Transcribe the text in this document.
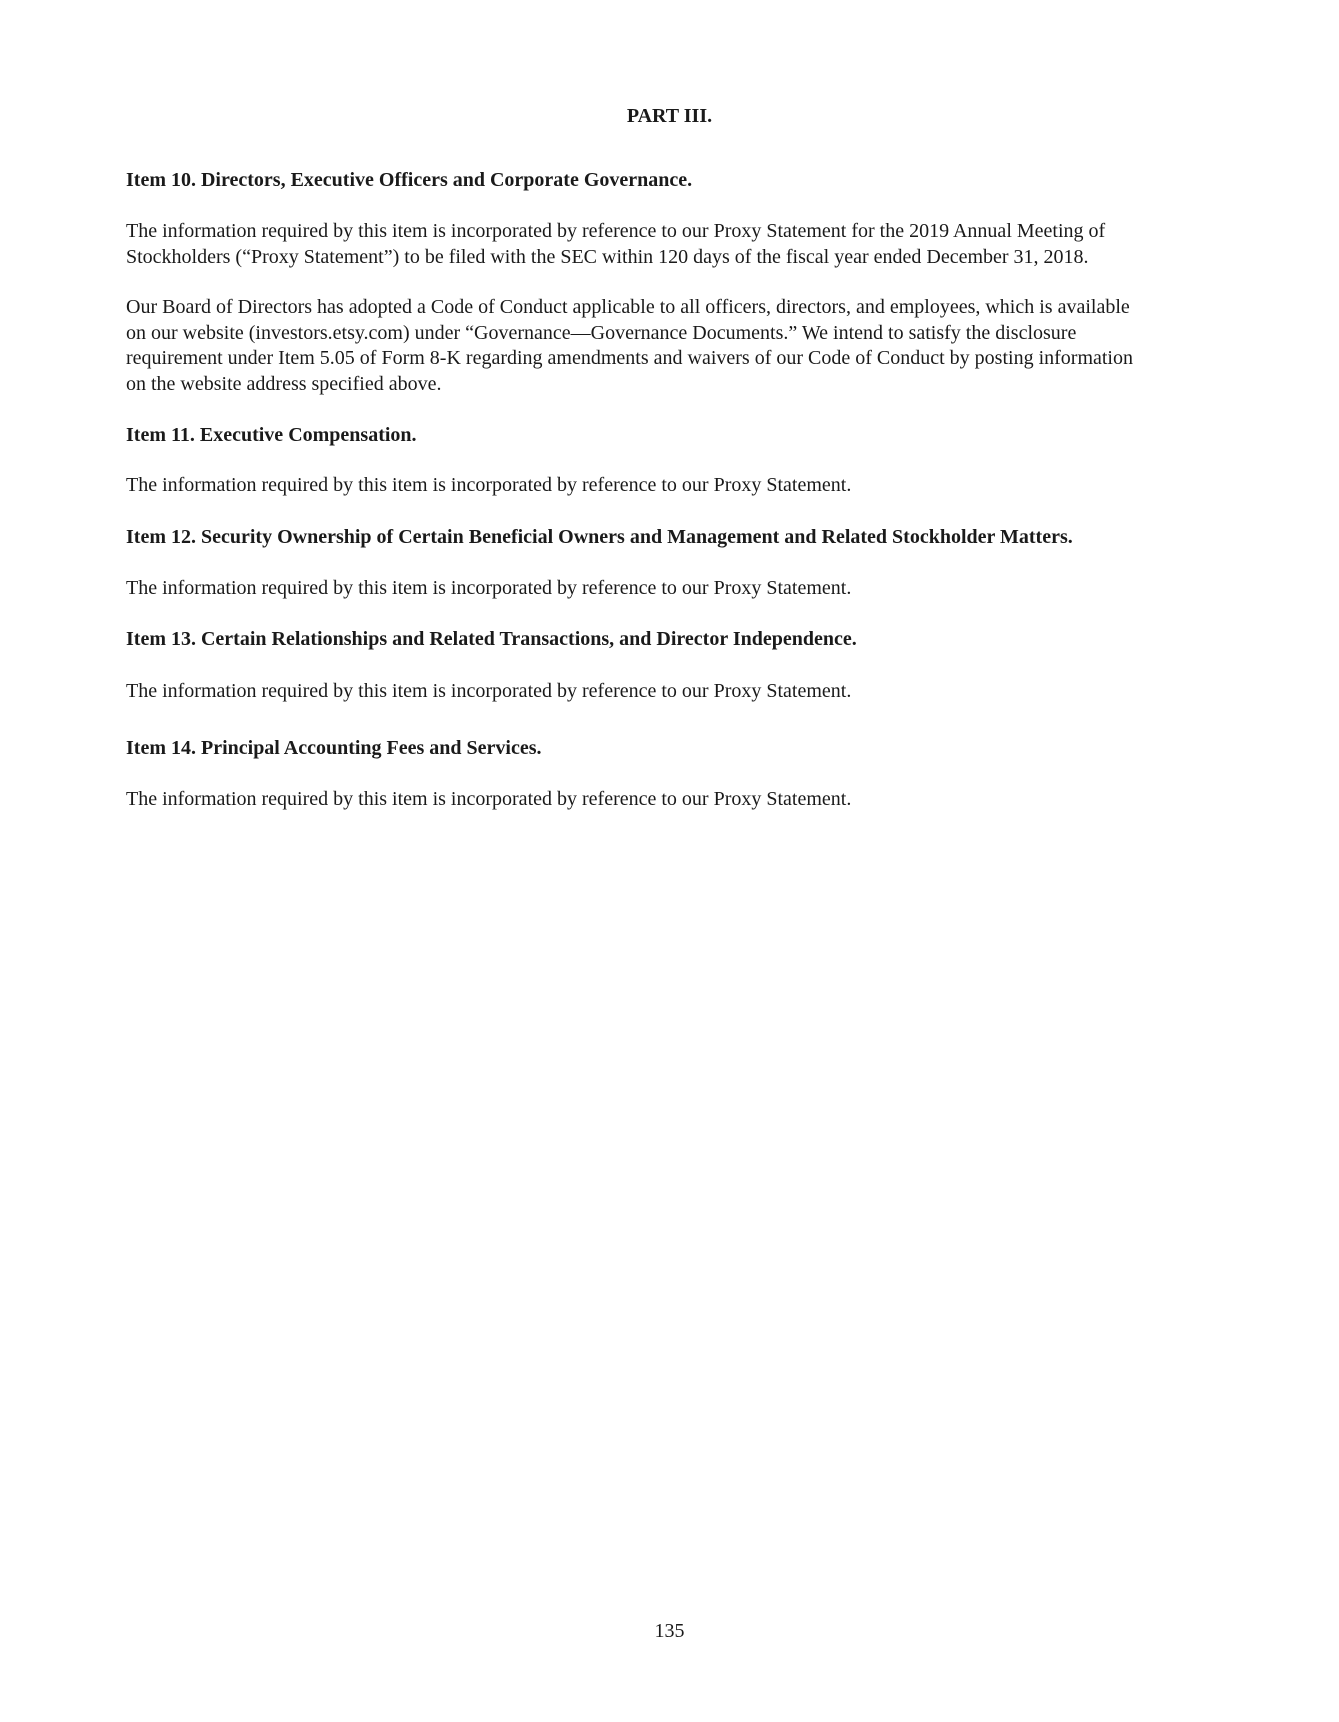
PART III.
Item 10. Directors, Executive Officers and Corporate Governance.
The information required by this item is incorporated by reference to our Proxy Statement for the 2019 Annual Meeting of
Stockholders (“Proxy Statement”) to be filed with the SEC within 120 days of the fiscal year ended December 31, 2018.
Our Board of Directors has adopted a Code of Conduct applicable to all officers, directors, and employees, which is available
on our website (investors.etsy.com) under “Governance—Governance Documents.” We intend to satisfy the disclosure
requirement under Item 5.05 of Form 8-K regarding amendments and waivers of our Code of Conduct by posting information
on the website address specified above.
Item 11. Executive Compensation.
The information required by this item is incorporated by reference to our Proxy Statement.
Item 12. Security Ownership of Certain Beneficial Owners and Management and Related Stockholder Matters.
The information required by this item is incorporated by reference to our Proxy Statement.
Item 13. Certain Relationships and Related Transactions, and Director Independence.
The information required by this item is incorporated by reference to our Proxy Statement.
Item 14. Principal Accounting Fees and Services.
The information required by this item is incorporated by reference to our Proxy Statement.
135
